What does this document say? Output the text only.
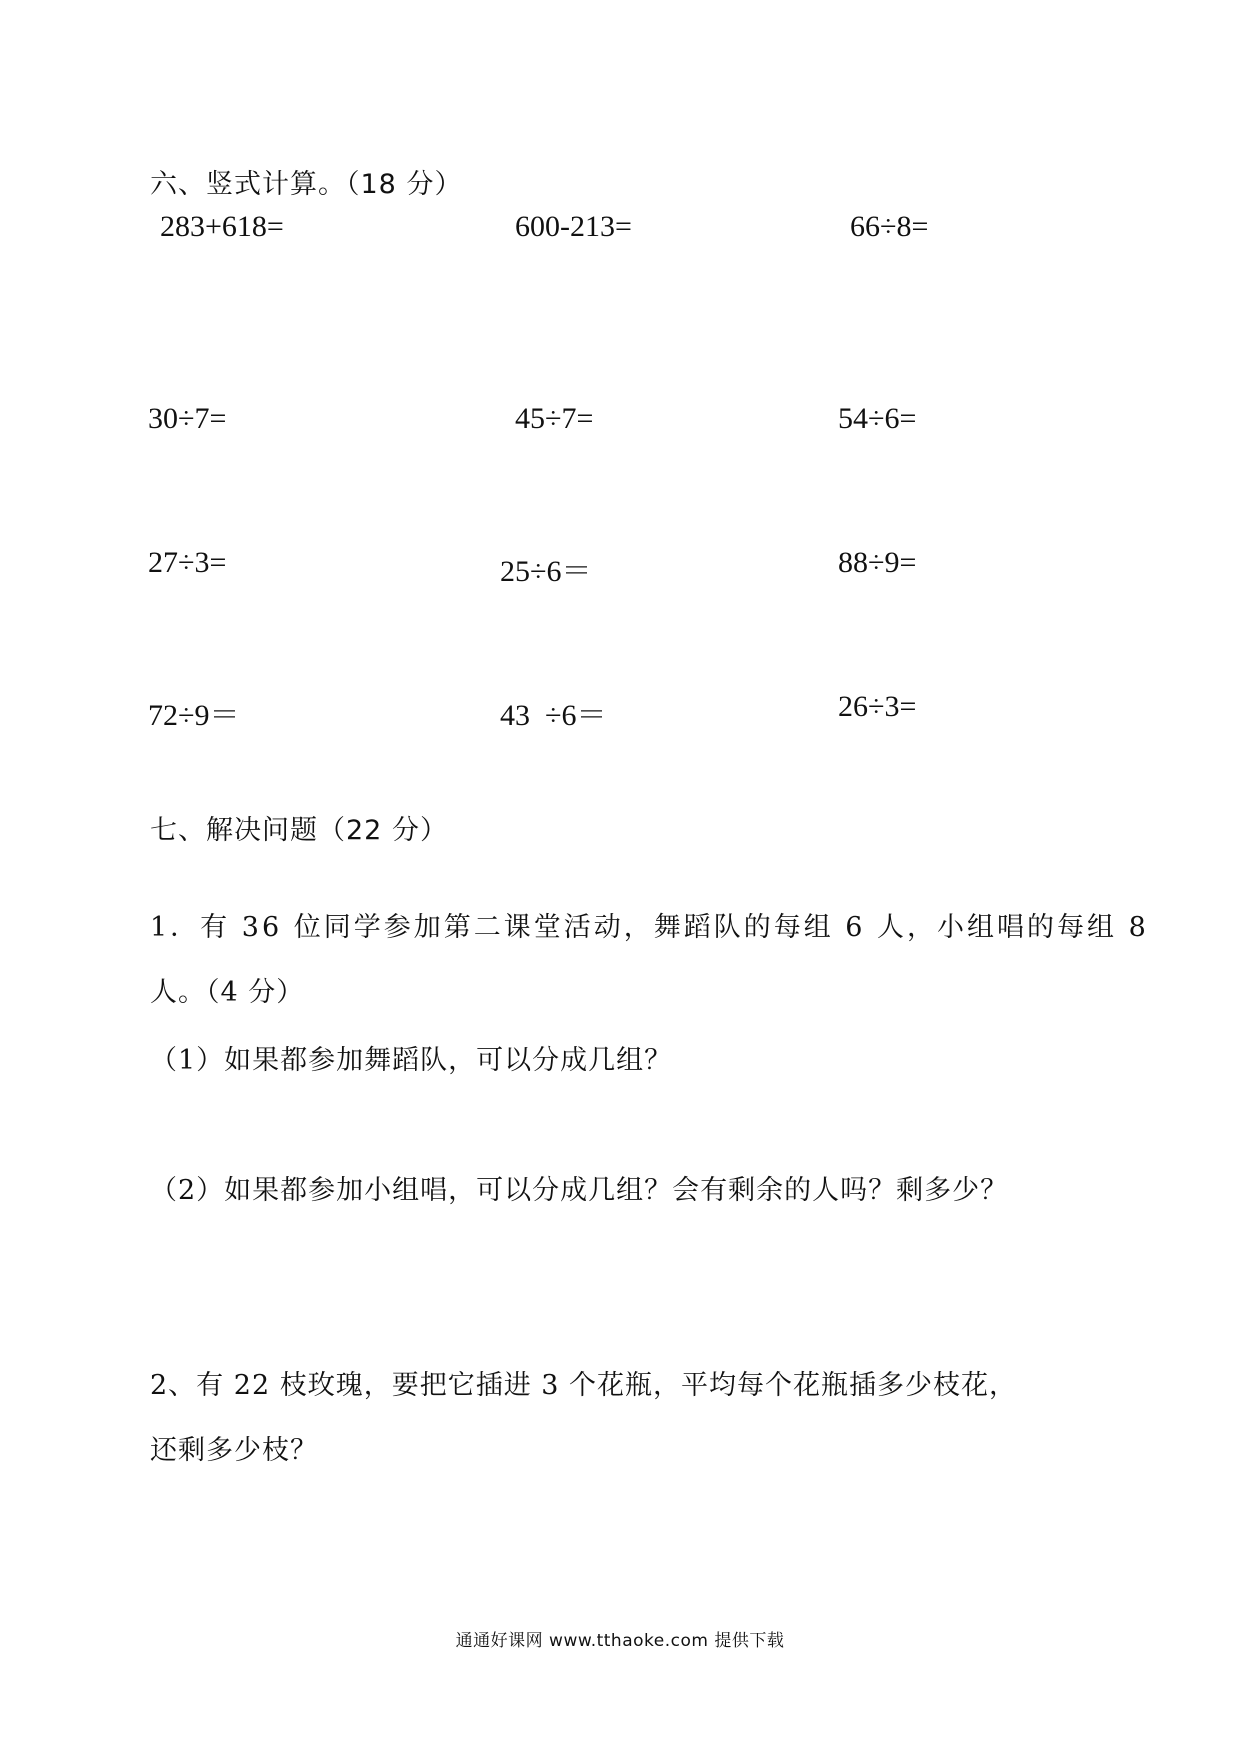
六、竖式计算。（18 分）
283+618=	600-213=	66÷8=
30÷7=	45÷7=	54÷6=
27÷3=	25÷6＝	88÷9=
72÷9＝	43  ÷6＝	26÷3=
七、解决问题（22 分）
1．有 36 位同学参加第二课堂活动，舞蹈队的每组 6 人，小组唱的每组 8
人。（4 分）
（1）如果都参加舞蹈队，可以分成几组？
（2）如果都参加小组唱，可以分成几组？会有剩余的人吗？剩多少？
2、有 22 枝玫瑰，要把它插进 3 个花瓶，平均每个花瓶插多少枝花，
还剩多少枝？
通通好课网 www.tthaoke.com 提供下载
